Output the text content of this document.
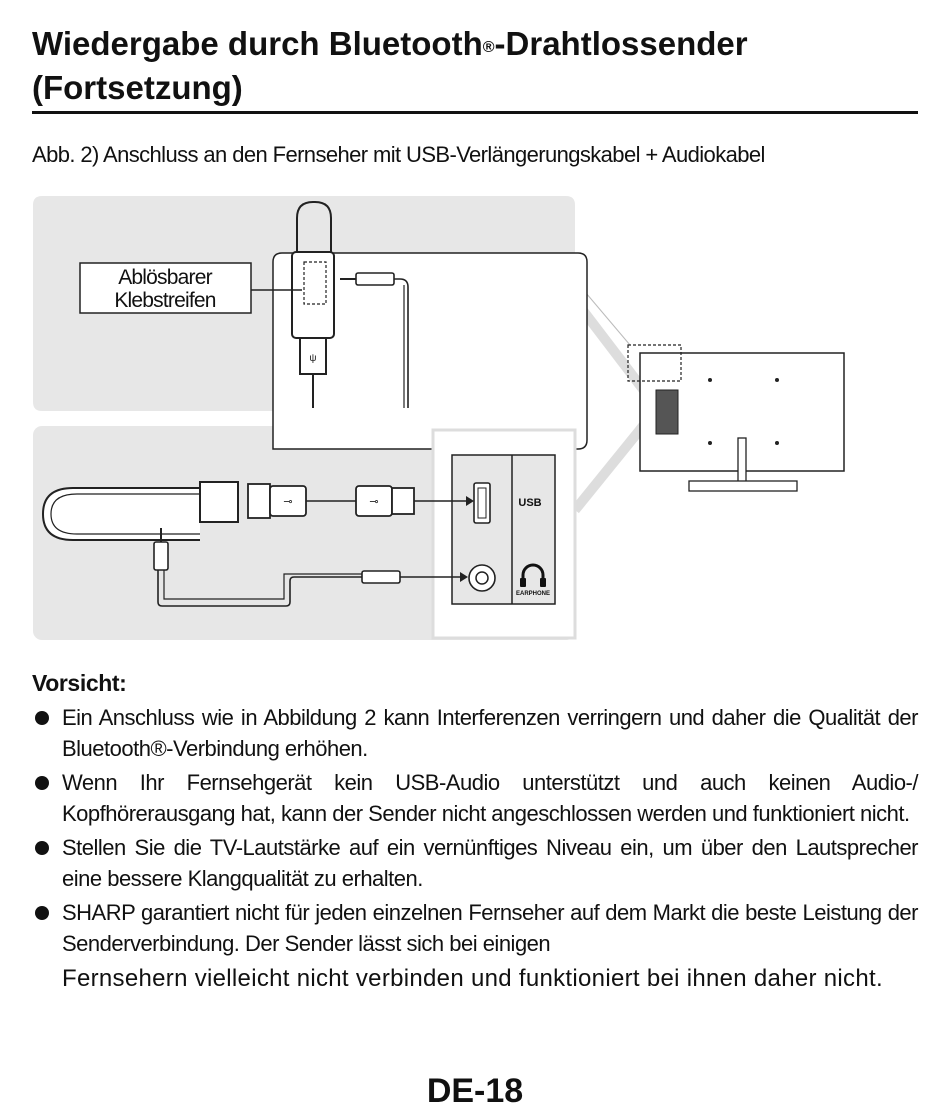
Wiedergabe durch Bluetooth®-Drahtlossender
(Fortsetzung)
Abb. 2) Anschluss an den Fernseher mit USB-Verlängerungskabel + Audiokabel
ψ
Ablösbarer
Klebstreifen
USB
EARPHONE
⊸	⊸
Vorsicht:
Ein Anschluss wie in Abbildung 2 kann Interferenzen verringern und daher die Qualität der Bluetooth®-Verbindung erhöhen.
Wenn Ihr Fernsehgerät kein USB-Audio unterstützt und auch keinen Audio-/ Kopfhörerausgang hat, kann der Sender nicht angeschlossen werden und funktioniert nicht.
Stellen Sie die TV-Lautstärke auf ein vernünftiges Niveau ein, um über den Lautsprecher eine bessere Klangqualität zu erhalten.
SHARP garantiert nicht für jeden einzelnen Fernseher auf dem Markt die beste Leistung der Senderverbindung. Der Sender lässt sich bei einigen
Fernsehern vielleicht nicht verbinden und funktioniert bei ihnen daher nicht.
DE-18
